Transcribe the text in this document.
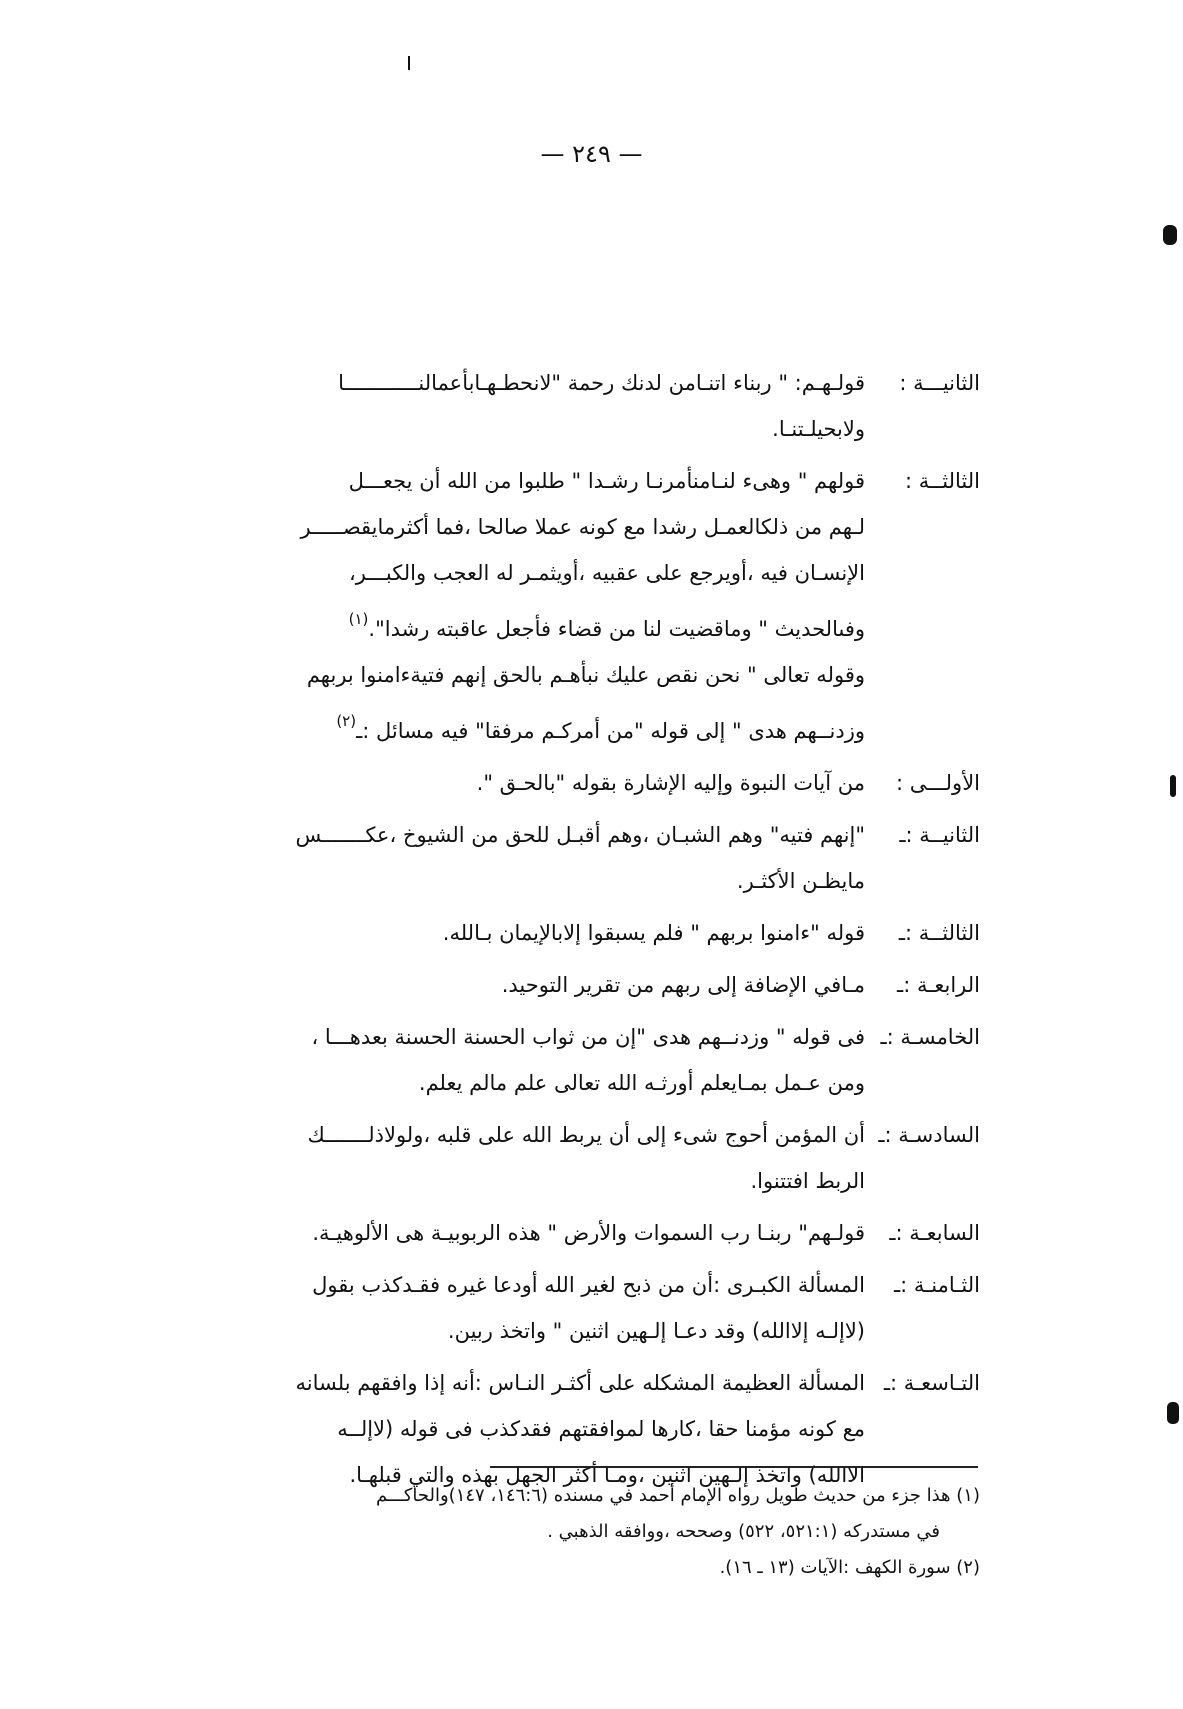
— ٢٤٩ —
الثانيـــة :
قولـهـم: " ربناء اتنـامن لدنك رحمة "لانحطـهـابأعمالنــــــــــــا
ولابحيلـتنـا.
الثالثــة :
قولهم " وهىء لنـامنأمرنـا رشـدا " طلبوا من الله أن يجعـــل
لـهم من ذلكالعمـل رشدا مع كونه عملا صالحا ،فما أكثرمايقصـــــر
الإنسـان فيه ،أويرجع على عقبيه ،أويثمـر له العجب والكبـــر،
وفىالحديث " وماقضيت لنا من قضاء فأجعل عاقبته رشدا".$^{(١)}$
وقوله تعالى " نحن نقص عليك نبأهـم بالحق إنهم فتيةءامنوا بربهم
وزدنــهم هدى " إلى قوله "من أمركـم مرفقا" فيه مسائل :ـ$^{(٢)}$
الأولـــى :
من آيات النبوة وإليه الإشارة بقوله "بالحـق ".
الثانيــة :ـ
"إنهم فتيه" وهم الشبـان ،وهم أقبـل للحق من الشيوخ ،عكـــــــس
مايظـن الأكثـر.
الثالثــة :ـ
قوله "ءامنوا بربهم " فلم يسبقوا إلابالإيمان بـالله.
الرابعـة :ـ
مـافي الإضافة إلى ربهم من تقرير التوحيد.
الخامسـة :ـ
فى قوله " وزدنــهم هدى "إن من ثواب الحسنة الحسنة بعدهـــا ،
ومن عـمل بمـايعلم أورثـه الله تعالى علم مالم يعلم.
السادسـة :ـ
أن المؤمن أحوج شىء إلى أن يربط الله على قلبه ،ولولاذلـــــــك
الربط افتتنوا.
السابعـة :ـ
قولـهم" ربنـا رب السموات والأرض " هذه الربوبيـة هى الألوهيـة.
الثـامنـة :ـ
المسألة الكبـرى :أن من ذبح لغير الله أودعا غيره فقـدكذب بقول
(لاإلـه إلاالله) وقد دعـا إلـهين اثنين " واتخذ ربين.
التـاسعـة :ـ
المسألة العظيمة المشكله على أكثـر النـاس :أنه إذا وافقهم بلسانه
مع كونه مؤمنا حقا ،كارها لموافقتهم فقدكذب فى قوله (لاإلــه
الاالله) واتخذ إلـهين اثنين ،ومـا أكثر الجهل بهذه والتي قبلهـا.
(١) هذا جزء من حديث طويل رواه الإمام أحمد في مسنده (١٤٦:٦، ١٤٧)والحاكـــم
في مستدركه (٥٢١:١، ٥٢٢) وصححه ،ووافقه الذهبي .
(٢) سورة الكهف :الآيات (١٣ ـ ١٦).
